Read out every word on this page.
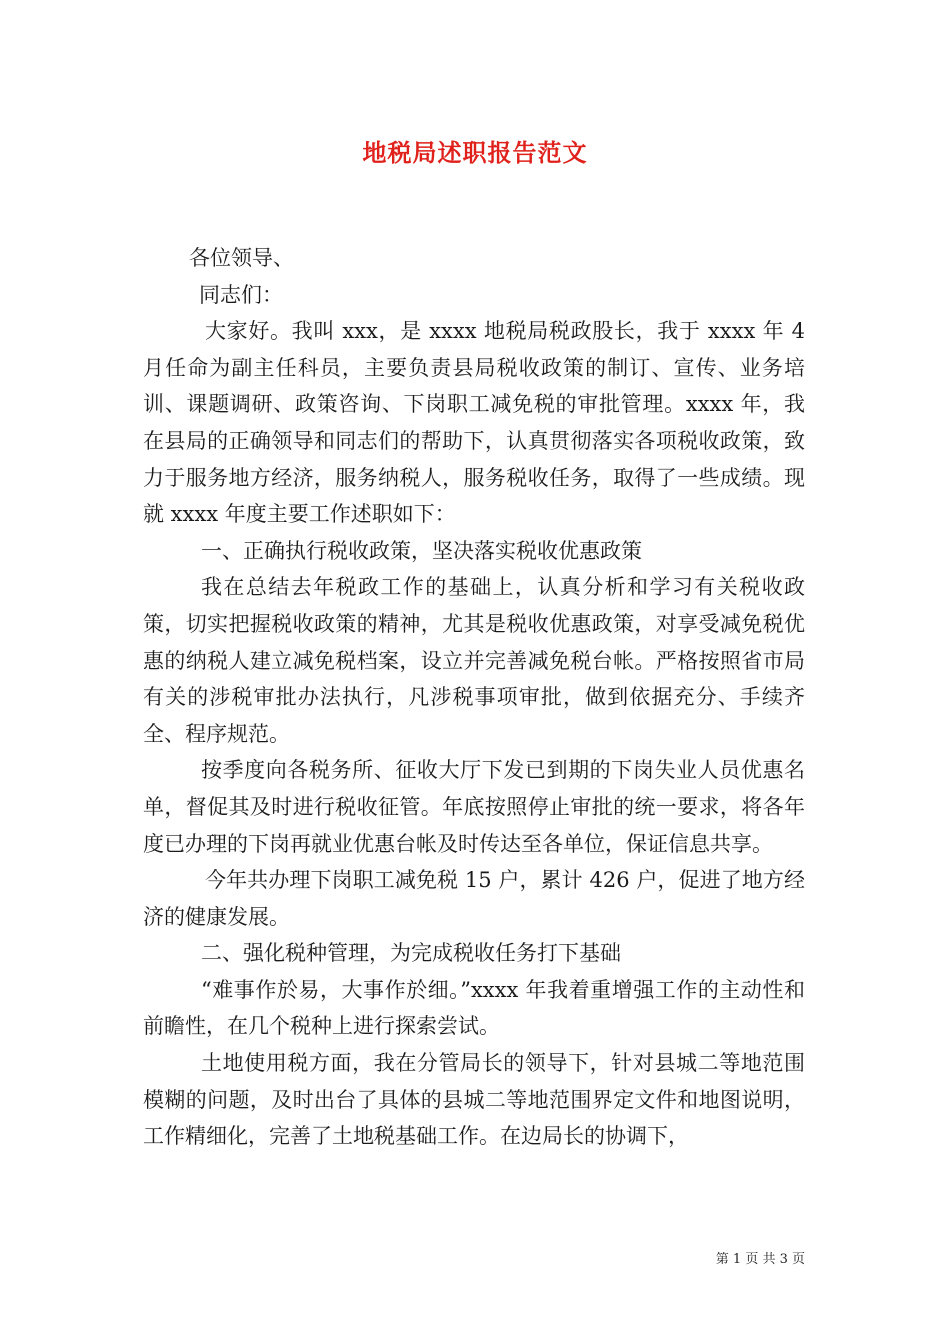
地税局述职报告范文

各位领导、

同志们：

大家好。我叫 xxx，是 xxxx 地税局税政股长，我于 xxxx 年 4 月任命为副主任科员，主要负责县局税收政策的制订、宣传、业务培训、课题调研、政策咨询、下岗职工减免税的审批管理。xxxx 年，我在县局的正确领导和同志们的帮助下，认真贯彻落实各项税收政策，致力于服务地方经济，服务纳税人，服务税收任务，取得了一些成绩。现就 xxxx 年度主要工作述职如下：

一、正确执行税收政策，坚决落实税收优惠政策

我在总结去年税政工作的基础上，认真分析和学习有关税收政策，切实把握税收政策的精神，尤其是税收优惠政策，对享受减免税优惠的纳税人建立减免税档案，设立并完善减免税台帐。严格按照省市局有关的涉税审批办法执行，凡涉税事项审批，做到依据充分、手续齐全、程序规范。

按季度向各税务所、征收大厅下发已到期的下岗失业人员优惠名单，督促其及时进行税收征管。年底按照停止审批的统一要求，将各年度已办理的下岗再就业优惠台帐及时传达至各单位，保证信息共享。

今年共办理下岗职工减免税 15 户，累计 426 户，促进了地方经济的健康发展。

二、强化税种管理，为完成税收任务打下基础

“难事作於易，大事作於细。”xxxx 年我着重增强工作的主动性和前瞻性，在几个税种上进行探索尝试。

土地使用税方面，我在分管局长的领导下，针对县城二等地范围模糊的问题，及时出台了具体的县城二等地范围界定文件和地图说明，工作精细化，完善了土地税基础工作。在边局长的协调下，

第 1 页 共 3 页
